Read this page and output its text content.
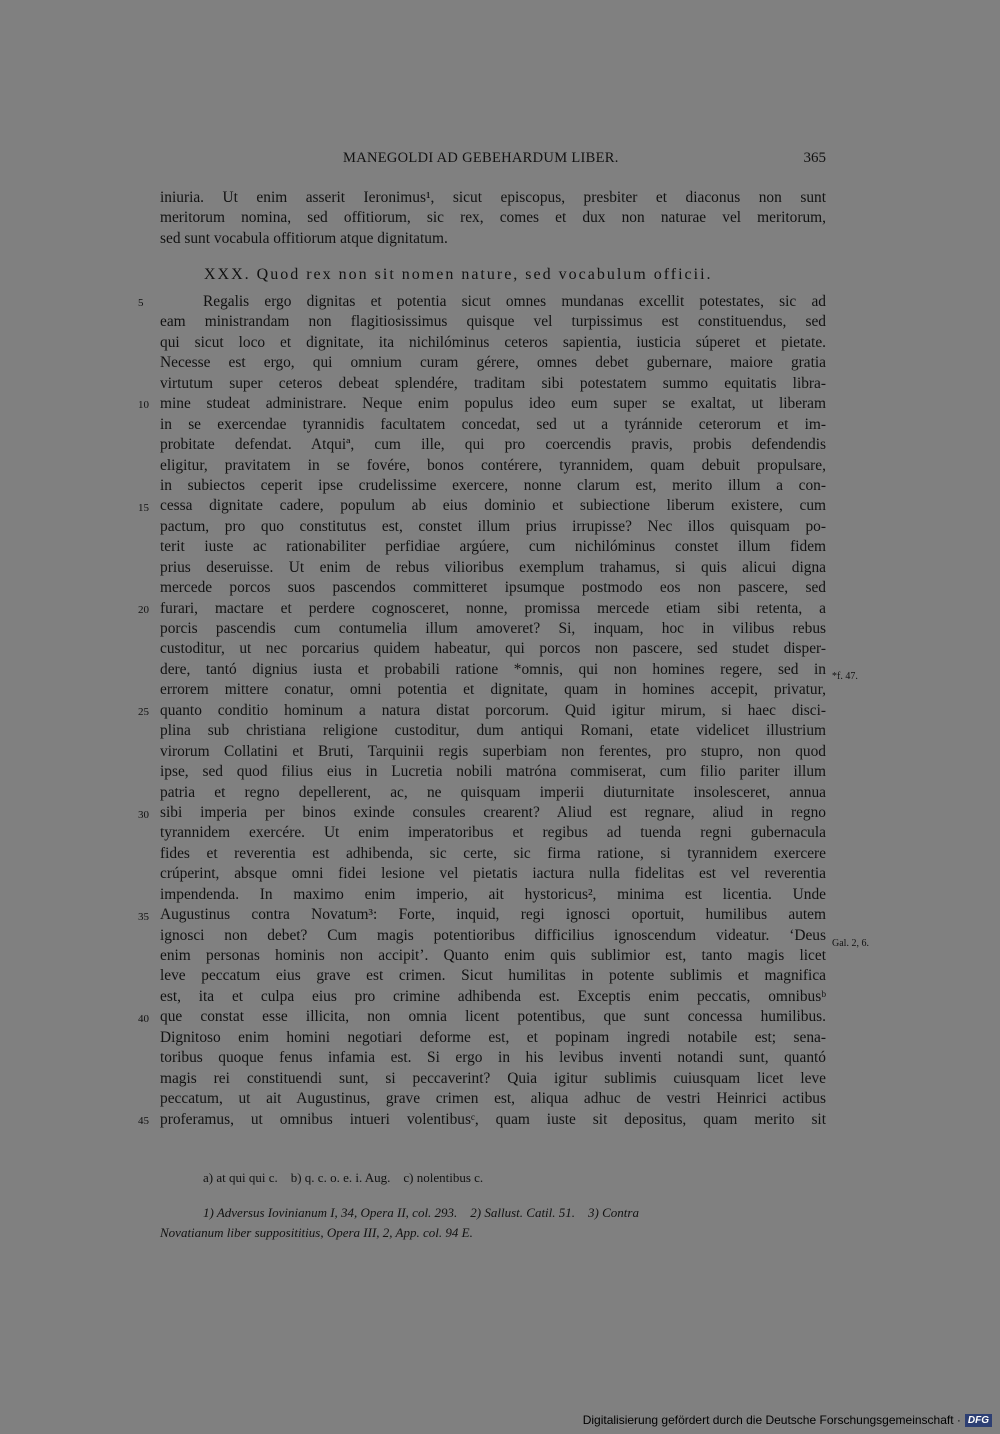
MANEGOLDI AD GEBEHARDUM LIBER.	365
iniuria. Ut enim asserit Ieronimus¹, sicut episcopus, presbiter et diaconus non sunt
meritorum nomina, sed offitiorum, sic rex, comes et dux non naturae vel meritorum,
sed sunt vocabula offitiorum atque dignitatum.
XXX. Quod rex non sit nomen nature, sed vocabulum officii.
Regalis ergo dignitas et potentia sicut omnes mundanas excellit potestates, sic ad
eam ministrandam non flagitiosissimus quisque vel turpissimus est constituendus, sed
qui sicut loco et dignitate, ita nichilóminus ceteros sapientia, iusticia súperet et pietate.
Necesse est ergo, qui omnium curam gérere, omnes debet gubernare, maiore gratia
virtutum super ceteros debeat splendére, traditam sibi potestatem summo equitatis libra-
mine studeat administrare. Neque enim populus ideo eum super se exaltat, ut liberam
in se exercendae tyrannidis facultatem concedat, sed ut a tyránnide ceterorum et im-
probitate defendat. Atquiª, cum ille, qui pro coercendis pravis, probis defendendis
eligitur, pravitatem in se fovére, bonos contérere, tyrannidem, quam debuit propulsare,
in subiectos ceperit ipse crudelissime exercere, nonne clarum est, merito illum a con-
cessa dignitate cadere, populum ab eius dominio et subiectione liberum existere, cum
pactum, pro quo constitutus est, constet illum prius irrupisse? Nec illos quisquam po-
terit iuste ac rationabiliter perfidiae argúere, cum nichilóminus constet illum fidem
prius deseruisse. Ut enim de rebus vilioribus exemplum trahamus, si quis alicui digna
mercede porcos suos pascendos committeret ipsumque postmodo eos non pascere, sed
furari, mactare et perdere cognosceret, nonne, promissa mercede etiam sibi retenta, a
porcis pascendis cum contumelia illum amoveret? Si, inquam, hoc in vilibus rebus
custoditur, ut nec porcarius quidem habeatur, qui porcos non pascere, sed studet disper-
dere, tantó dignius iusta et probabili ratione *omnis, qui non homines regere, sed in
errorem mittere conatur, omni potentia et dignitate, quam in homines accepit, privatur,
quanto conditio hominum a natura distat porcorum. Quid igitur mirum, si haec disci-
plina sub christiana religione custoditur, dum antiqui Romani, etate videlicet illustrium
virorum Collatini et Bruti, Tarquinii regis superbiam non ferentes, pro stupro, non quod
ipse, sed quod filius eius in Lucretia nobili matróna commiserat, cum filio pariter illum
patria et regno depellerent, ac, ne quisquam imperii diuturnitate insolesceret, annua
sibi imperia per binos exinde consules crearent? Aliud est regnare, aliud in regno
tyrannidem exercére. Ut enim imperatoribus et regibus ad tuenda regni gubernacula
fides et reverentia est adhibenda, sic certe, sic firma ratione, si tyrannidem exercere
crúperint, absque omni fidei lesione vel pietatis iactura nulla fidelitas est vel reverentia
impendenda. In maximo enim imperio, ait hystoricus², minima est licentia. Unde
Augustinus contra Novatum³: Forte, inquid, regi ignosci oportuit, humilibus autem
ignosci non debet? Cum magis potentioribus difficilius ignoscendum videatur. ‘Deus
enim personas hominis non accipit’. Quanto enim quis sublimior est, tanto magis licet
leve peccatum eius grave est crimen. Sicut humilitas in potente sublimis et magnifica
est, ita et culpa eius pro crimine adhibenda est. Exceptis enim peccatis, omnibusᵇ
que constat esse illicita, non omnia licent potentibus, que sunt concessa humilibus.
Dignitoso enim homini negotiari deforme est, et popinam ingredi notabile est; sena-
toribus quoque fenus infamia est. Si ergo in his levibus inventi notandi sunt, quantó
magis rei constituendi sunt, si peccaverint? Quia igitur sublimis cuiusquam licet leve
peccatum, ut ait Augustinus, grave crimen est, aliqua adhuc de vestri Heinrici actibus
proferamus, ut omnibus intueri volentibusᶜ, quam iuste sit depositus, quam merito sit
5
10
15
20
25
30
35
40
45
*f. 47.
Gal. 2, 6.
a) at qui qui c.    b) q. c. o. e. i. Aug.    c) nolentibus c.
1) Adversus Iovinianum I, 34, Opera II, col. 293.    2) Sallust. Catil. 51.    3) Contra
Novatianum liber supposititius, Opera III, 2, App. col. 94 E.
Digitalisierung gefördert durch die Deutsche Forschungsgemeinschaft · DFG
